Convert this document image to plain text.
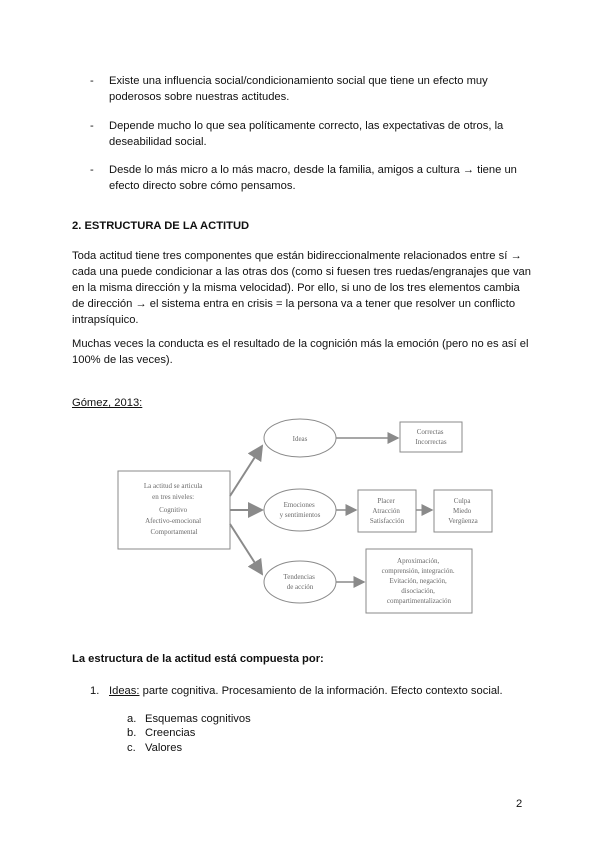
- Existe una influencia social/condicionamiento social que tiene un efecto muy
poderosos sobre nuestras actitudes.
- Depende mucho lo que sea políticamente correcto, las expectativas de otros, la
deseabilidad social.
- Desde lo más micro a lo más macro, desde la familia, amigos a cultura → tiene un
efecto directo sobre cómo pensamos.
2. ESTRUCTURA DE LA ACTITUD
Toda actitud tiene tres componentes que están bidireccionalmente relacionados entre sí →
cada una puede condicionar a las otras dos (como si fuesen tres ruedas/engranajes que van
en la misma dirección y la misma velocidad). Por ello, si uno de los tres elementos cambia
de dirección → el sistema entra en crisis = la persona va a tener que resolver un conflicto
intrapsíquico.
Muchas veces la conducta es el resultado de la cognición más la emoción (pero no es así el
100% de las veces).
Gómez, 2013:
La actitud se articula en tres niveles: Cognitivo Afectivo-emocional Comportamental
Ideas
Emociones y sentimientos
Tendencias de acción
Correctas Incorrectas
Placer Atracción Satisfacción
Culpa Miedo Vergüenza
Aproximación, comprensión, integración. Evitación, negación, disociación, compartimentalización
La estructura de la actitud está compuesta por:
1. Ideas: parte cognitiva. Procesamiento de la información. Efecto contexto social.
a. Esquemas cognitivos
b. Creencias
c. Valores
2
